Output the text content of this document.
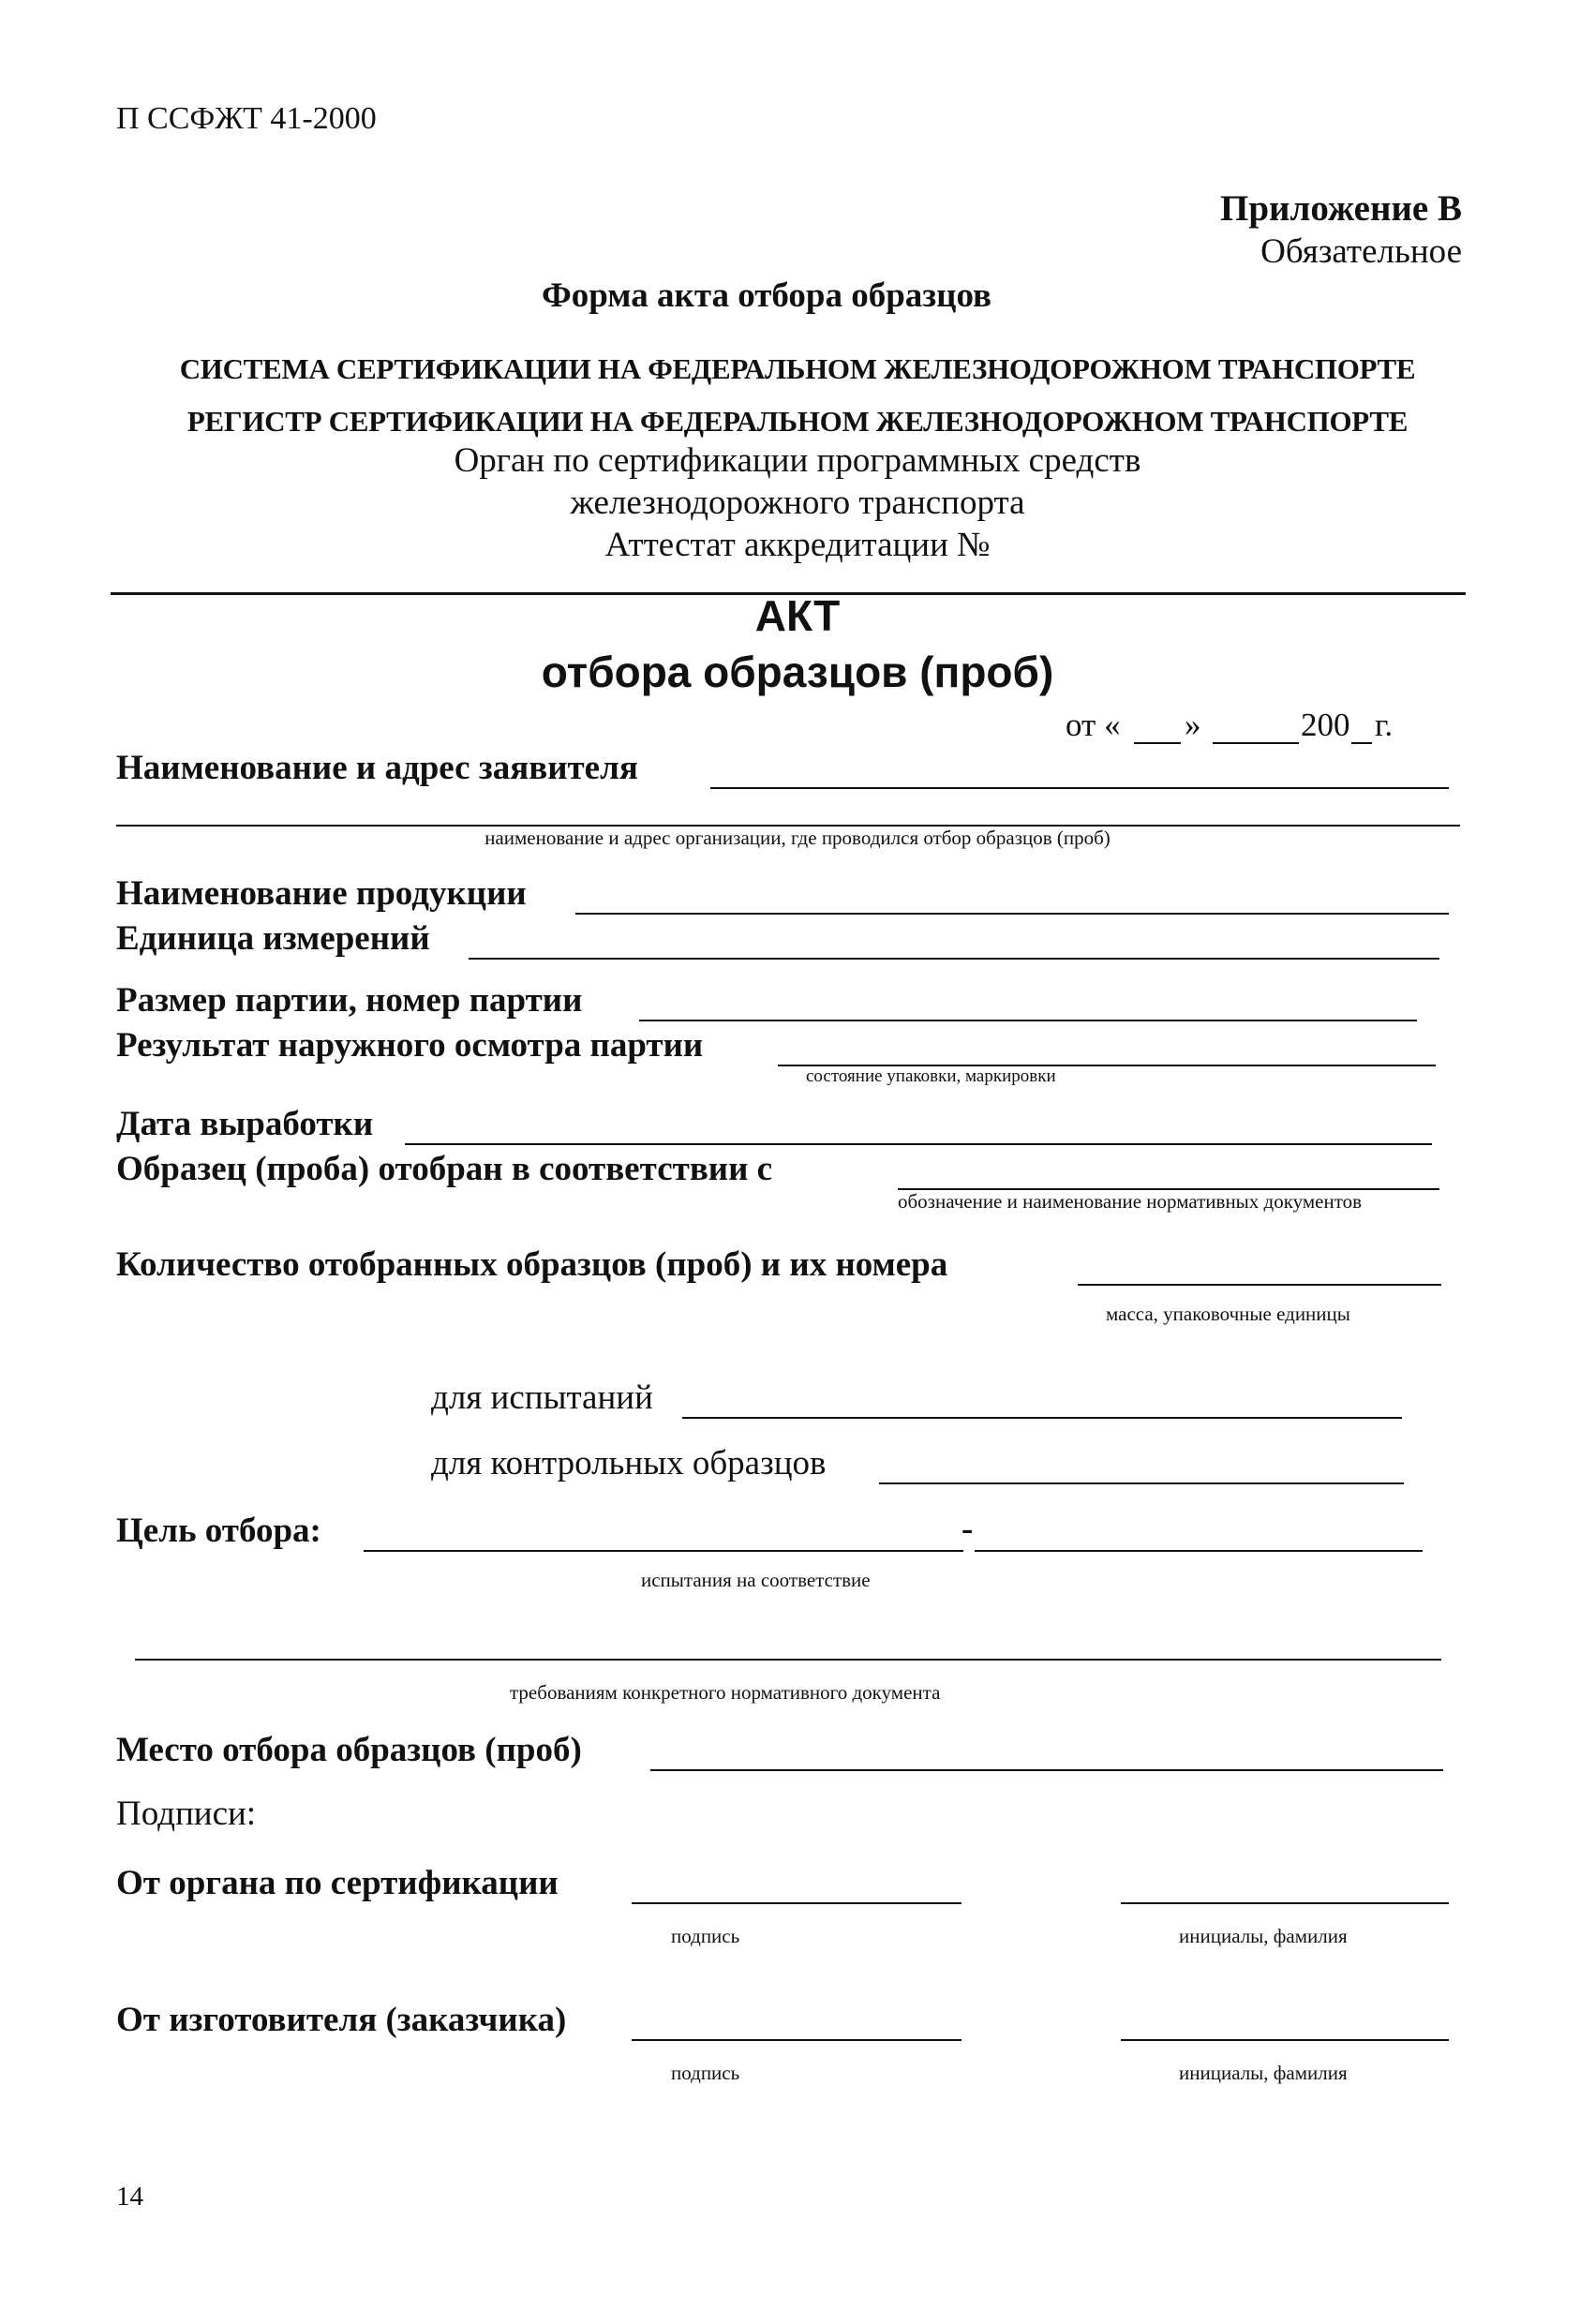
П ССФЖТ 41-2000
Приложение В
Обязательное
Форма акта отбора образцов
СИСТЕМА СЕРТИФИКАЦИИ НА ФЕДЕРАЛЬНОМ ЖЕЛЕЗНОДОРОЖНОМ ТРАНСПОРТЕ
РЕГИСТР СЕРТИФИКАЦИИ НА ФЕДЕРАЛЬНОМ ЖЕЛЕЗНОДОРОЖНОМ ТРАНСПОРТЕ
Орган по сертификации программных средств
железнодорожного транспорта
Аттестат аккредитации №
АКТ
отбора образцов (проб)
от « »	200 г.
Наименование и адрес заявителя
наименование и адрес организации, где проводился отбор образцов (проб)
Наименование продукции
Единица измерений
Размер партии, номер партии
Результат наружного осмотра партии
состояние упаковки, маркировки
Дата выработки
Образец (проба) отобран в соответствии с
обозначение и наименование нормативных документов
Количество отобранных образцов (проб) и их номера
масса, упаковочные единицы
для испытаний
для контрольных образцов
Цель отбора:	-
испытания на соответствие
требованиям конкретного нормативного документа
Место отбора образцов (проб)
Подписи:
От органа по сертификации
подпись	инициалы, фамилия
От изготовителя (заказчика)
подпись	инициалы, фамилия
14
